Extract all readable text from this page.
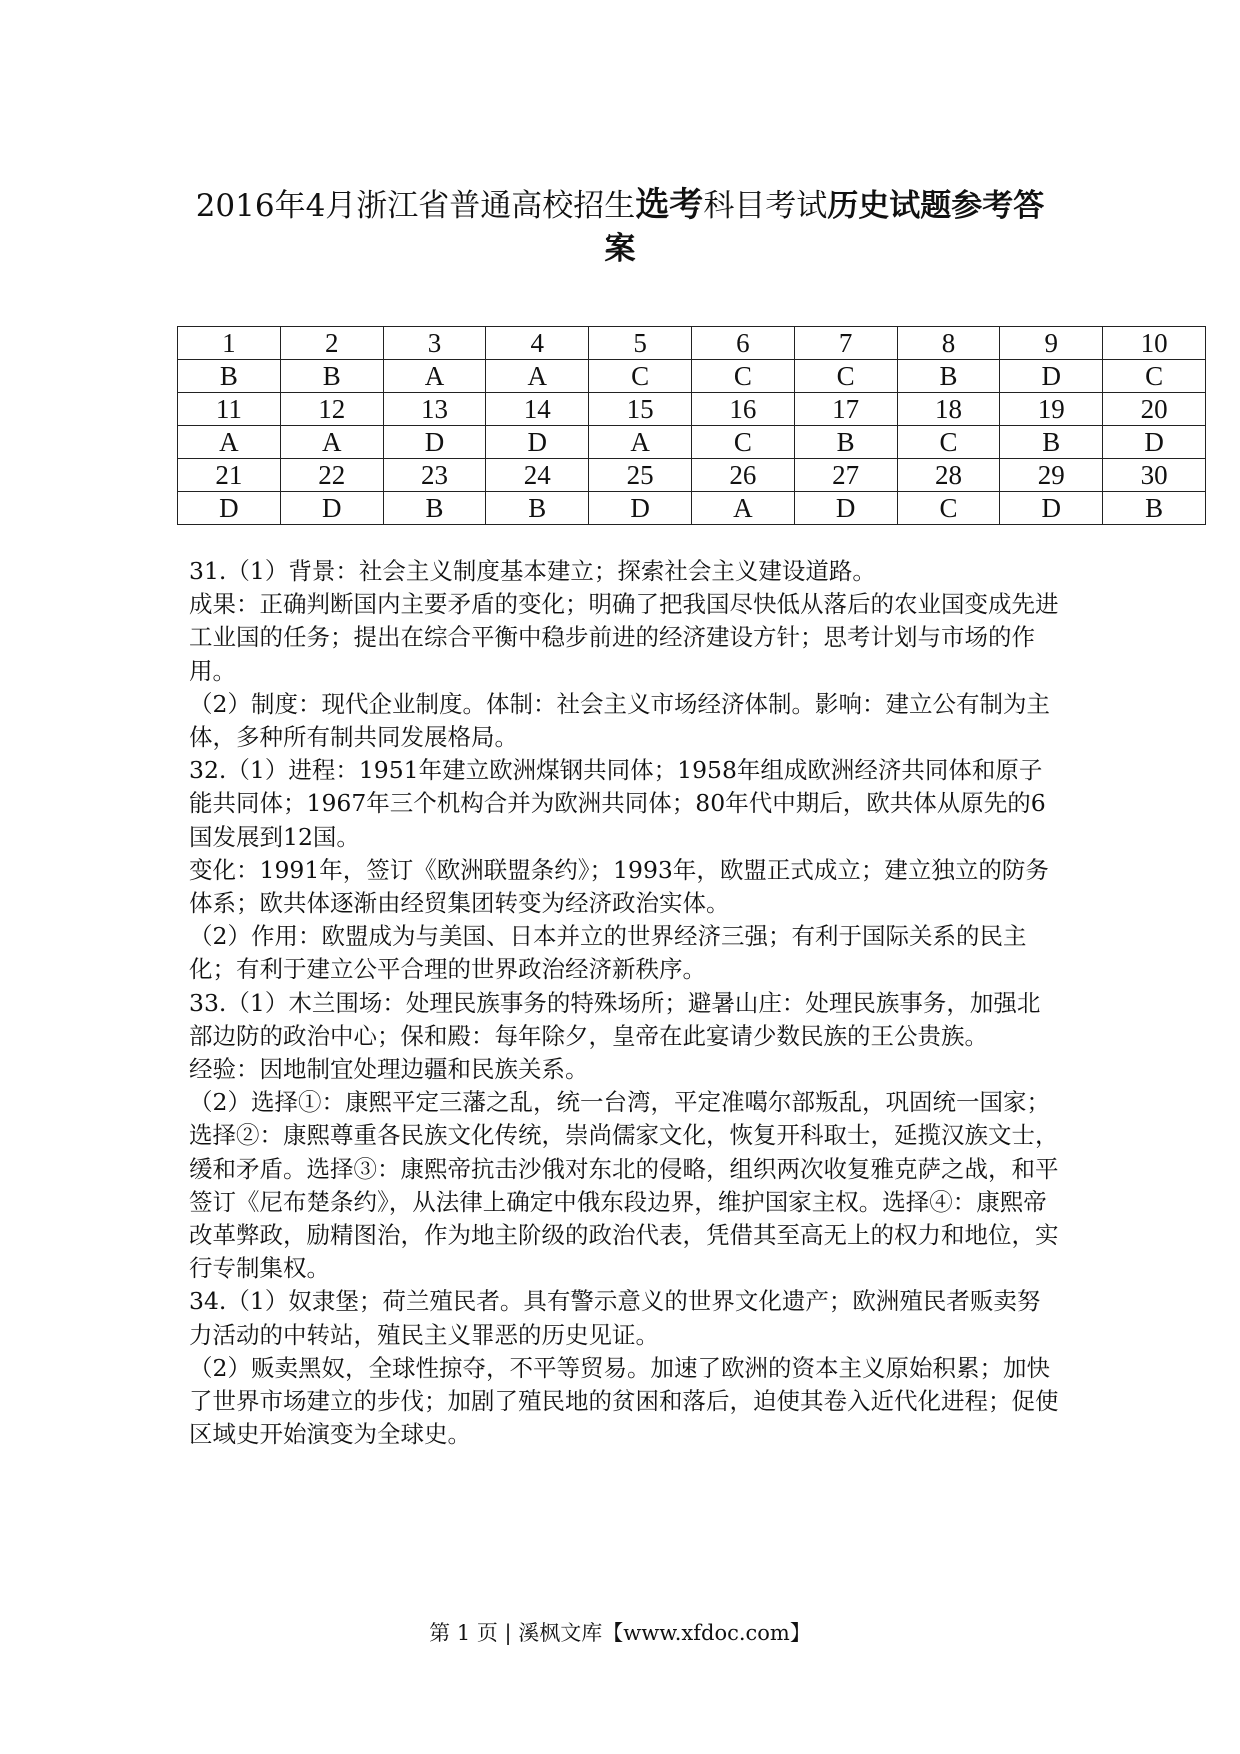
2016年4月浙江省普通高校招生选考科目考试历史试题参考答案
1	2	3	4	5	6	7	8	9	10
B	B	A	A	C	C	C	B	D	C
11	12	13	14	15	16	17	18	19	20
A	A	D	D	A	C	B	C	B	D
21	22	23	24	25	26	27	28	29	30
D	D	B	B	D	A	D	C	D	B

31.（1）背景：社会主义制度基本建立；探索社会主义建设道路。

成果：正确判断国内主要矛盾的变化；明确了把我国尽快低从落后的农业国变成先进工业国的任务；提出在综合平衡中稳步前进的经济建设方针；思考计划与市场的作用。

（2）制度：现代企业制度。体制：社会主义市场经济体制。影响：建立公有制为主体，多种所有制共同发展格局。

32.（1）进程：1951年建立欧洲煤钢共同体；1958年组成欧洲经济共同体和原子能共同体；1967年三个机构合并为欧洲共同体；80年代中期后，欧共体从原先的6国发展到12国。

变化：1991年，签订《欧洲联盟条约》；1993年，欧盟正式成立；建立独立的防务体系；欧共体逐渐由经贸集团转变为经济政治实体。

（2）作用：欧盟成为与美国、日本并立的世界经济三强；有利于国际关系的民主化；有利于建立公平合理的世界政治经济新秩序。

33.（1）木兰围场：处理民族事务的特殊场所；避暑山庄：处理民族事务，加强北部边防的政治中心；保和殿：每年除夕，皇帝在此宴请少数民族的王公贵族。

经验：因地制宜处理边疆和民族关系。

（2）选择①：康熙平定三藩之乱，统一台湾，平定准噶尔部叛乱，巩固统一国家；选择②：康熙尊重各民族文化传统，崇尚儒家文化，恢复开科取士，延揽汉族文士，缓和矛盾。选择③：康熙帝抗击沙俄对东北的侵略，组织两次收复雅克萨之战，和平签订《尼布楚条约》，从法律上确定中俄东段边界，维护国家主权。选择④：康熙帝改革弊政，励精图治，作为地主阶级的政治代表，凭借其至高无上的权力和地位，实行专制集权。

34.（1）奴隶堡；荷兰殖民者。具有警示意义的世界文化遗产；欧洲殖民者贩卖努力活动的中转站，殖民主义罪恶的历史见证。

（2）贩卖黑奴，全球性掠夺，不平等贸易。加速了欧洲的资本主义原始积累；加快了世界市场建立的步伐；加剧了殖民地的贫困和落后，迫使其卷入近代化进程；促使区域史开始演变为全球史。

第 1 页 | 溪枫文库【www.xfdoc.com】
